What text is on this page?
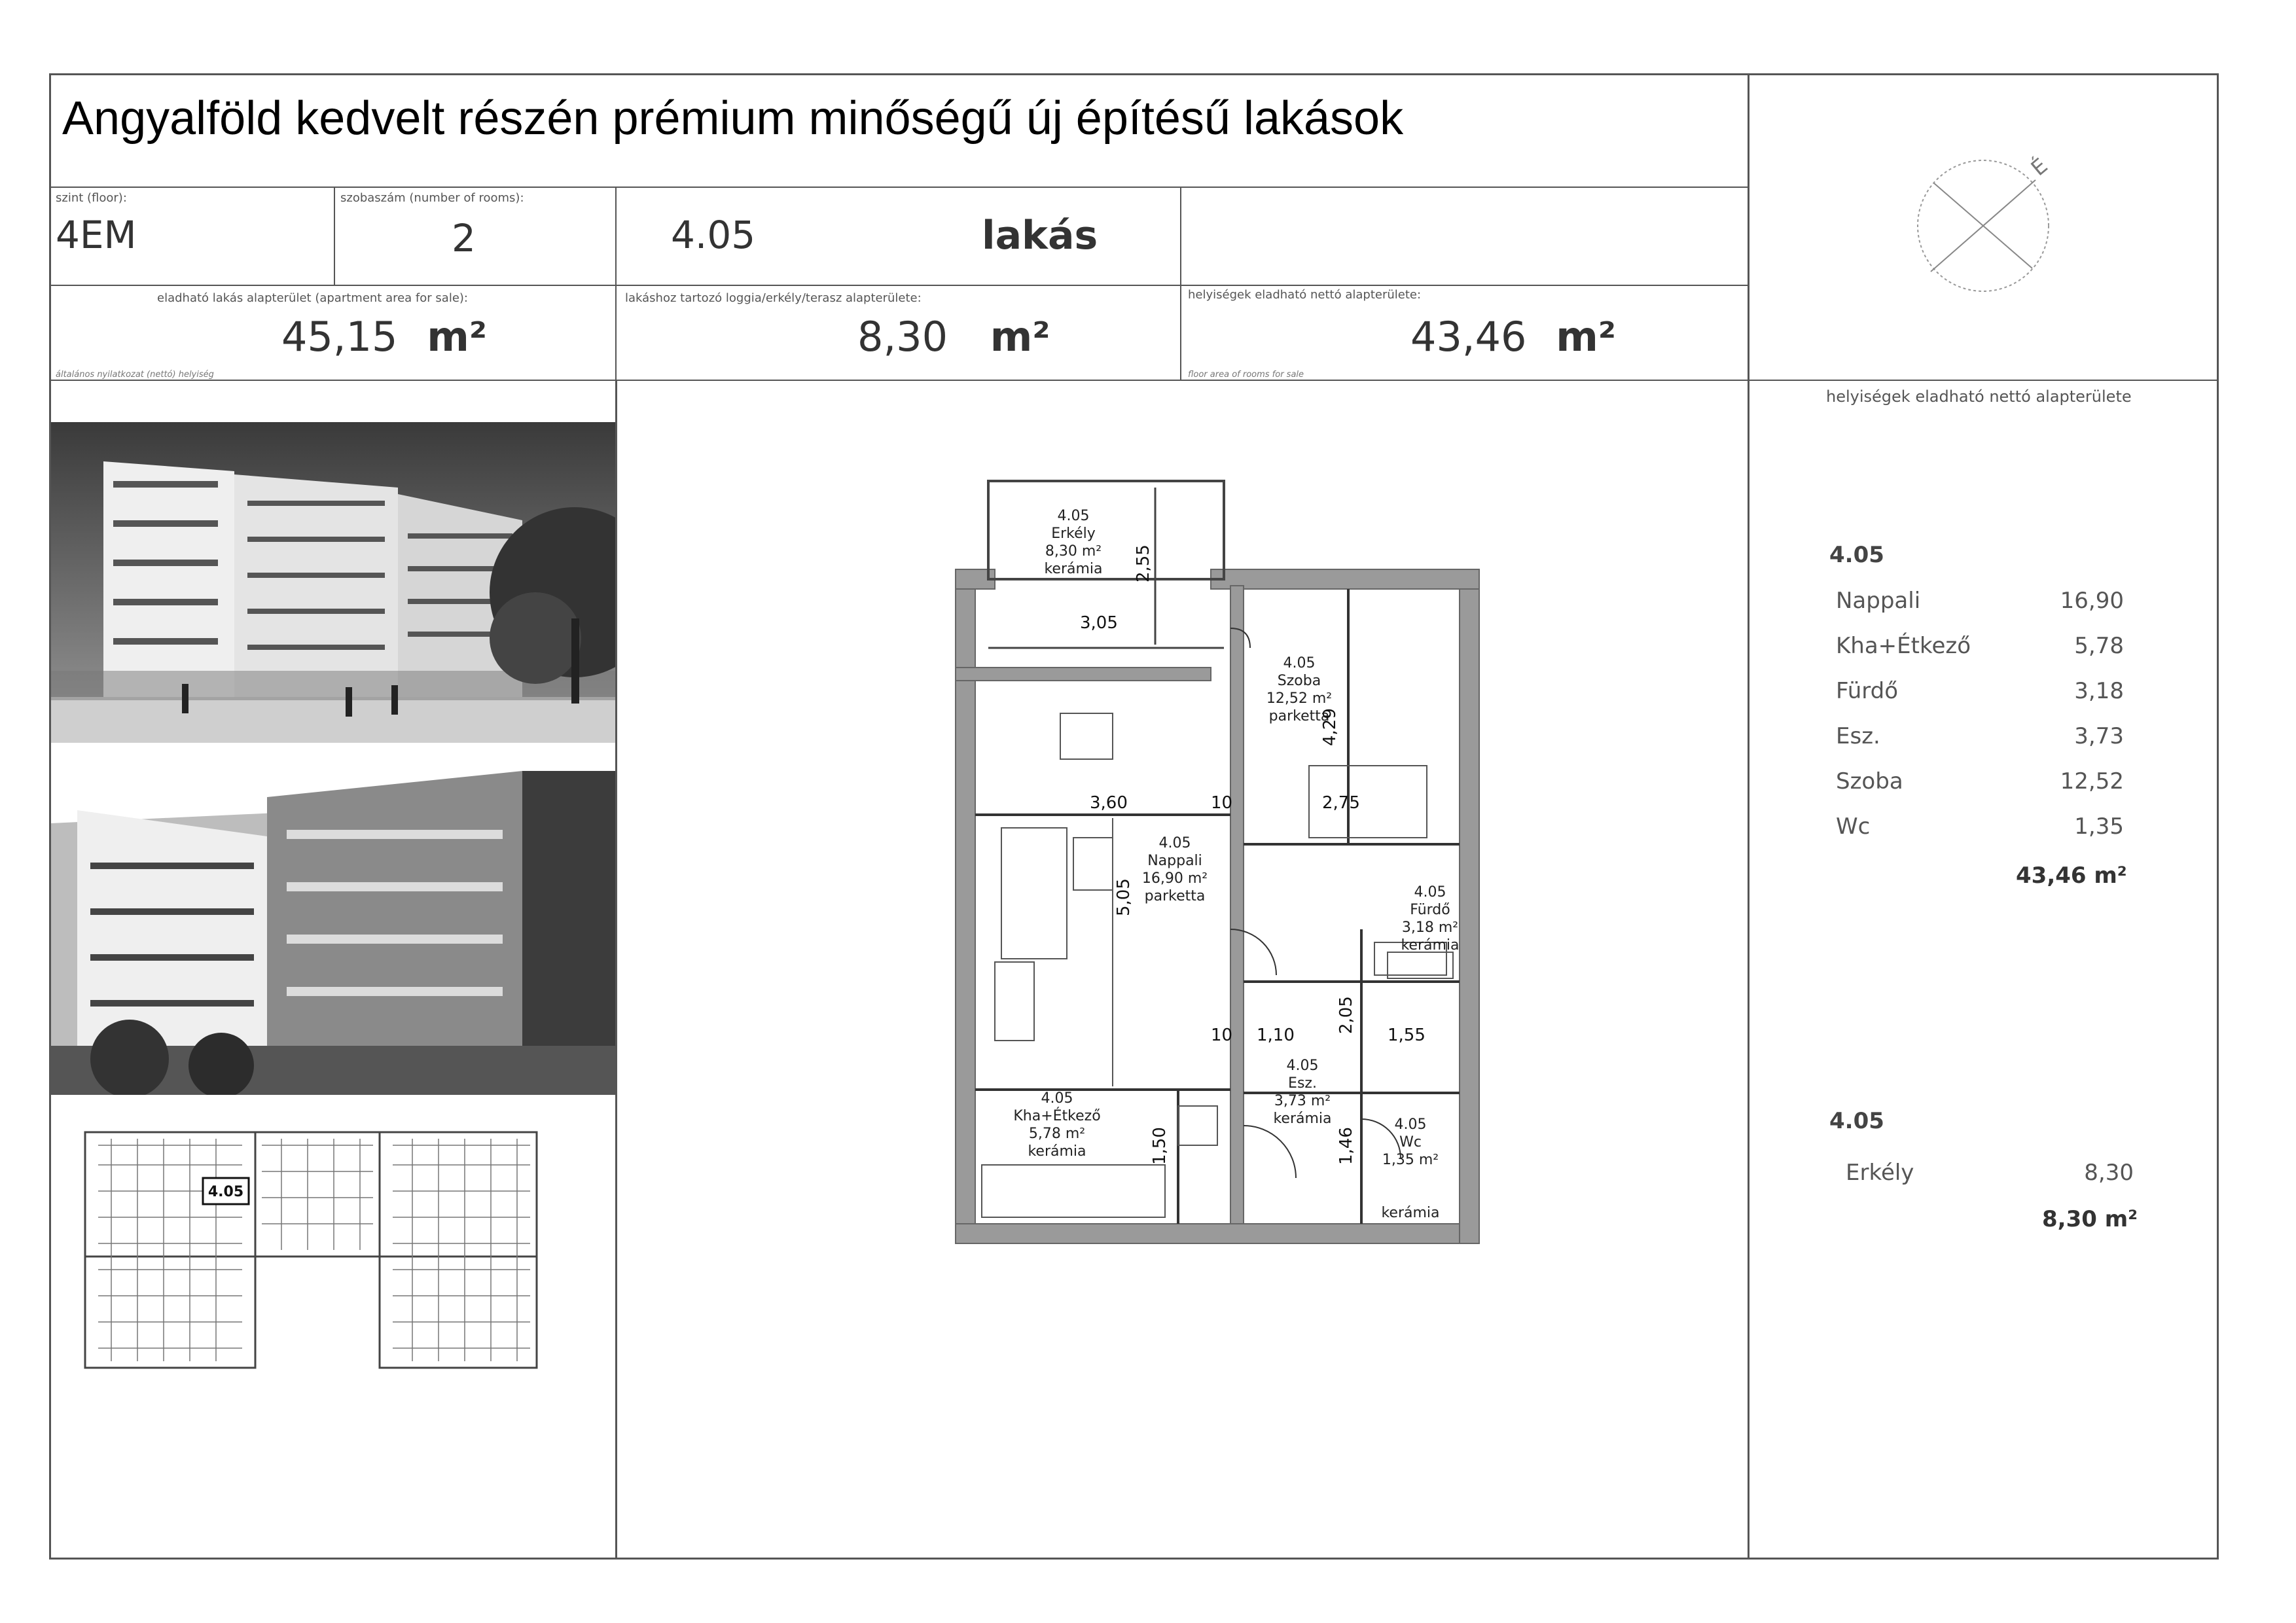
Angyalföld kedvelt részén prémium minőségű új építésű lakások
szint (floor):
4EM
szobaszám (number of rooms):
2	4.05	lakás
eladható lakás alapterület (apartment area for sale):
45,15 m²
általános nyilatkozat (nettó) helyiség
lakáshoz tartozó loggia/erkély/terasz alapterülete:
8,30 m²
helyiségek eladható nettó alapterülete:
43,46 m²
floor area of rooms for sale
É
4.05
4.05
Erkély
8,30 m²
kerámia
4.05
Szoba
12,52 m²
parketta
4.05
Nappali
16,90 m²
parketta	4.05
Fürdő
3,18 m²
kerámia
4.05
Esz.
3,73 m²
kerámia
4.05
Kha+Étkező
5,78 m²
kerámia
4.05
Wc
1,35 m²
kerámia
2,55
3,05
4,29
3,60	10	2,75
5,05
10 1,10
2,05
1,55
1,50	1,46
helyiségek eladható nettó alapterülete
4.05
Nappali	16,90
Kha+Étkező	5,78
Fürdő	3,18
Esz.	3,73
Szoba	12,52
Wc	1,35
43,46 m²
4.05
Erkély	8,30
8,30 m²
